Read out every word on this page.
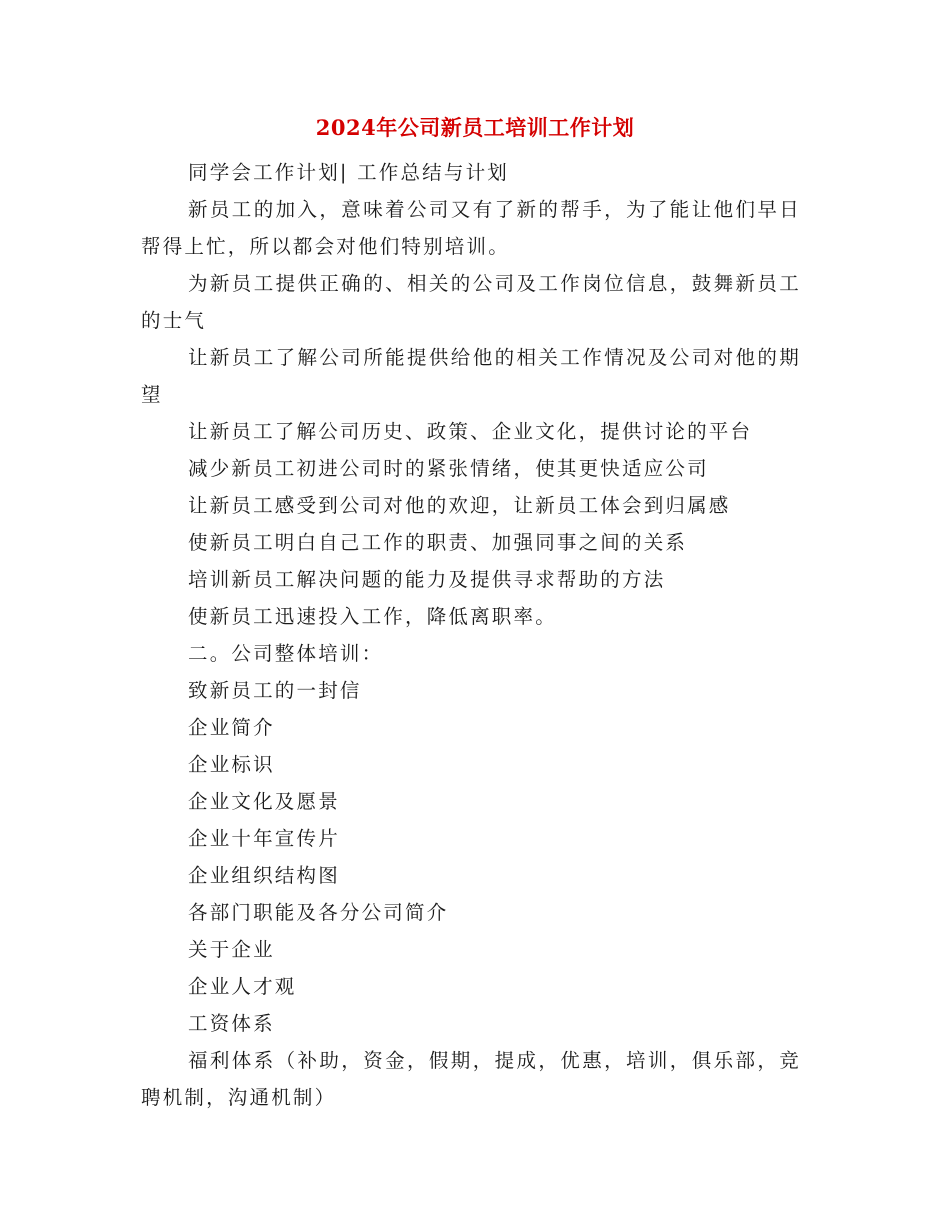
2024年公司新员工培训工作计划

同学会工作计划| 工作总结与计划

新员工的加入，意味着公司又有了新的帮手，为了能让他们早日帮得上忙，所以都会对他们特别培训。

为新员工提供正确的、相关的公司及工作岗位信息，鼓舞新员工的士气

让新员工了解公司所能提供给他的相关工作情况及公司对他的期望

让新员工了解公司历史、政策、企业文化，提供讨论的平台

减少新员工初进公司时的紧张情绪，使其更快适应公司

让新员工感受到公司对他的欢迎，让新员工体会到归属感

使新员工明白自己工作的职责、加强同事之间的关系

培训新员工解决问题的能力及提供寻求帮助的方法

使新员工迅速投入工作，降低离职率。

二。公司整体培训：

致新员工的一封信

企业简介

企业标识

企业文化及愿景

企业十年宣传片

企业组织结构图

各部门职能及各分公司简介

关于企业

企业人才观

工资体系

福利体系（补助，资金，假期，提成，优惠，培训，俱乐部，竞聘机制，沟通机制）
